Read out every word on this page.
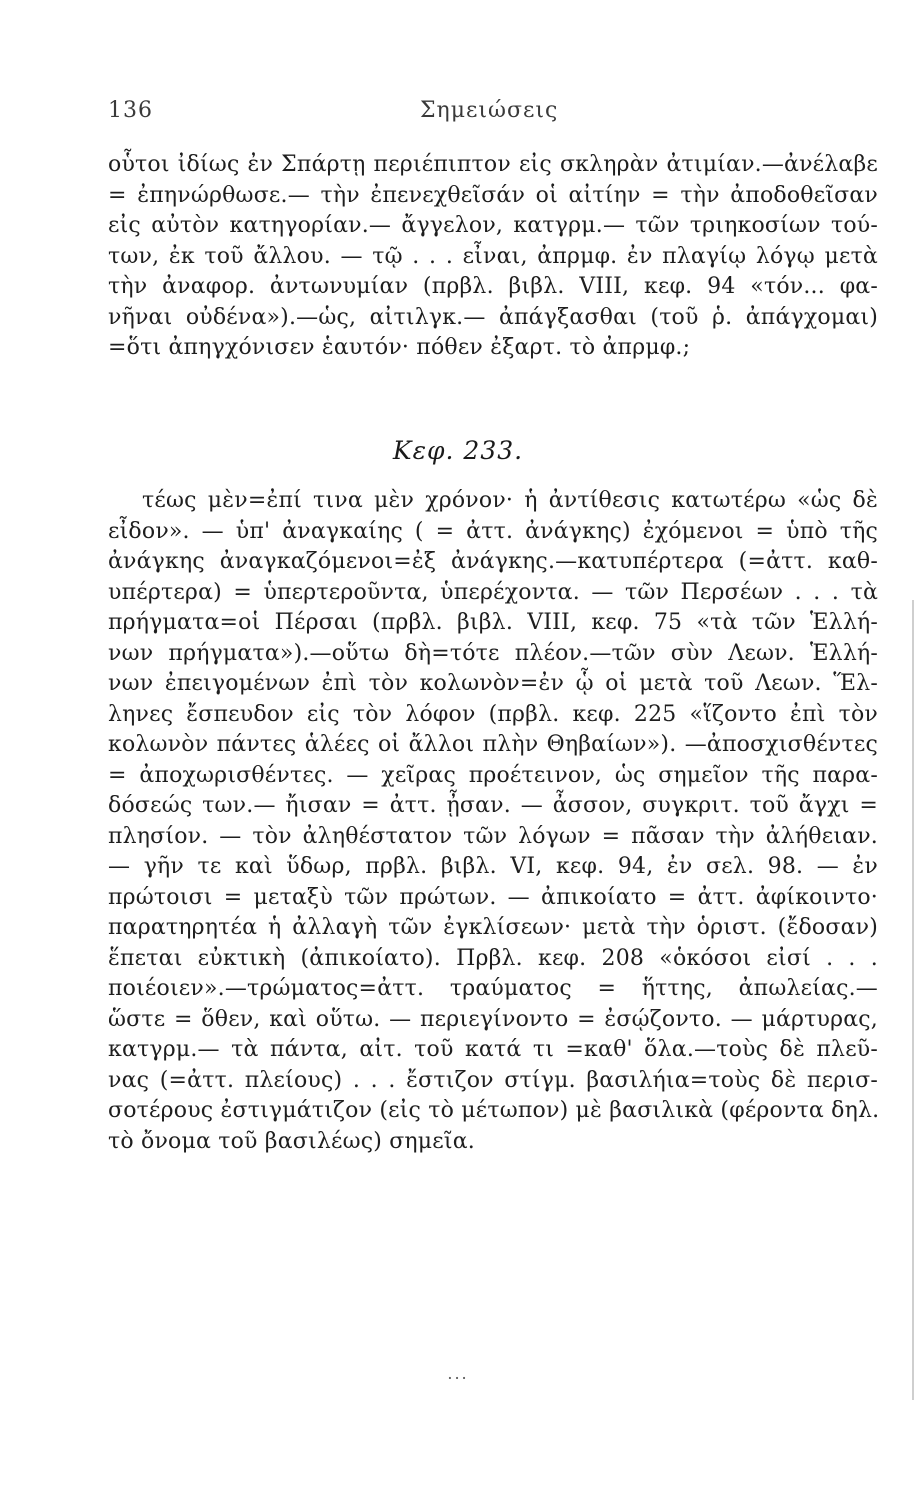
136	Σημειώσεις
οὗτοι ἰδίως ἐν Σπάρτῃ περιέπιπτον εἰς σκληρὰν ἀτιμίαν.—ἀνέλαβε
= ἐπηνώρθωσε.— τὴν ἐπενεχθεῖσάν οἱ αἰτίην = τὴν ἀποδοθεῖσαν
εἰς αὐτὸν κατηγορίαν.— ἄγγελον, κατγρμ.— τῶν τριηκοσίων τού-
των, ἐκ τοῦ ἄλλου. — τῷ . . . εἶναι, ἀπρμφ. ἐν πλαγίῳ λόγῳ μετὰ
τὴν ἀναφορ. ἀντωνυμίαν (πρβλ. βιβλ. VIII, κεφ. 94 «τόν... φα-
νῆναι οὐδένα»).—ὡς, αἰτιλγκ.— ἀπάγξασθαι (τοῦ ῥ. ἀπάγχομαι)
=ὅτι ἀπηγχόνισεν ἑαυτόν· πόθεν ἐξαρτ. τὸ ἀπρμφ.;
Κεφ. 233.
τέως μὲν=ἐπί τινα μὲν χρόνον· ἡ ἀντίθεσις κατωτέρω «ὡς δὲ
εἶδον». — ὑπ' ἀναγκαίης ( = ἀττ. ἀνάγκης) ἐχόμενοι = ὑπὸ τῆς
ἀνάγκης ἀναγκαζόμενοι=ἐξ ἀνάγκης.—κατυπέρτερα (=ἀττ. καθ-
υπέρτερα) = ὑπερτεροῦντα, ὑπερέχοντα. — τῶν Περσέων . . . τὰ
πρήγματα=οἱ Πέρσαι (πρβλ. βιβλ. VIII, κεφ. 75 «τὰ τῶν Ἑλλή-
νων πρήγματα»).—οὕτω δὴ=τότε πλέον.—τῶν σὺν Λεων. Ἑλλή-
νων ἐπειγομένων ἐπὶ τὸν κολωνὸν=ἐν ᾧ οἱ μετὰ τοῦ Λεων. Ἕλ-
ληνες ἔσπευδον εἰς τὸν λόφον (πρβλ. κεφ. 225 «ἵζοντο ἐπὶ τὸν
κολωνὸν πάντες ἁλέες οἱ ἄλλοι πλὴν Θηβαίων»). —ἀποσχισθέντες
= ἀποχωρισθέντες. — χεῖρας προέτεινον, ὡς σημεῖον τῆς παρα-
δόσεώς των.— ἤισαν = ἀττ. ᾖσαν. — ἆσσον, συγκριτ. τοῦ ἄγχι =
πλησίον. — τὸν ἀληθέστατον τῶν λόγων = πᾶσαν τὴν ἀλήθειαν.
— γῆν τε καὶ ὕδωρ, πρβλ. βιβλ. VI, κεφ. 94, ἐν σελ. 98. — ἐν
πρώτοισι = μεταξὺ τῶν πρώτων. — ἀπικοίατο = ἀττ. ἀφίκοιντο·
παρατηρητέα ἡ ἀλλαγὴ τῶν ἐγκλίσεων· μετὰ τὴν ὁριστ. (ἔδοσαν)
ἕπεται εὐκτικὴ (ἀπικοίατο). Πρβλ. κεφ. 208 «ὁκόσοι εἰσί . . .
ποιέοιεν».—τρώματος=ἀττ. τραύματος = ἥττης, ἀπωλείας.—
ὥστε = ὅθεν, καὶ οὕτω. — περιεγίνοντο = ἐσῴζοντο. — μάρτυρας,
κατγρμ.— τὰ πάντα, αἰτ. τοῦ κατά τι =καθ' ὅλα.—τοὺς δὲ πλεῦ-
νας (=ἀττ. πλείους) . . . ἔστιζον στίγμ. βασιλήια=τοὺς δὲ περισ-
σοτέρους ἐστιγμάτιζον (εἰς τὸ μέτωπον) μὲ βασιλικὰ (φέροντα δηλ.
τὸ ὄνομα τοῦ βασιλέως) σημεῖα.
...
